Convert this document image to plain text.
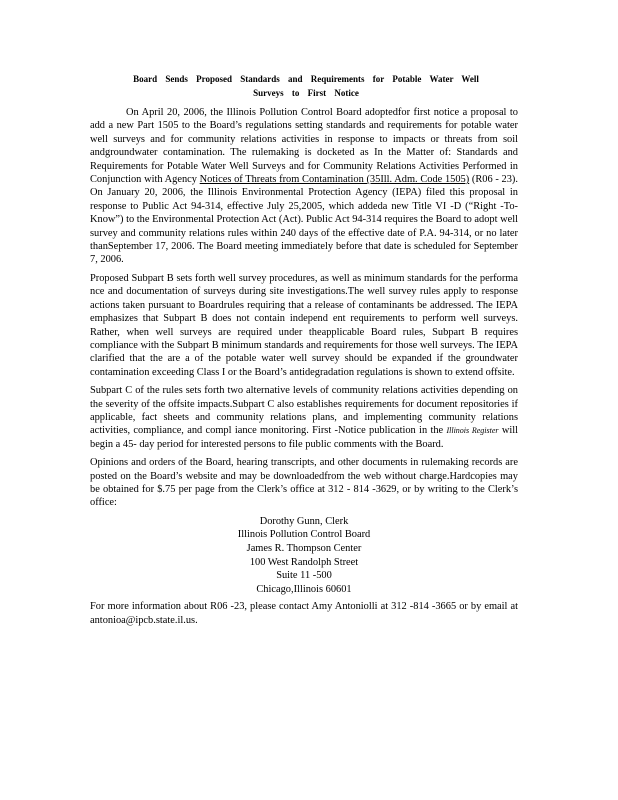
Board Sends Proposed Standards and Requirements for Potable Water Well
Surveys to First Notice

On April 20, 2006, the Illinois Pollution Control Board adoptedfor first notice a proposal to add a new Part 1505 to the Board’s regulations setting standards and requirements for potable water well surveys and for community relations activities in response to impacts or threats from soil andgroundwater contamination. The rulemaking is docketed as In the Matter of: Standards and Requirements for Potable Water Well Surveys and for Community Relations Activities Performed in Conjunction with Agency Notices of Threats from Contamination (35Ill. Adm. Code 1505) (R06 - 23). On January 20, 2006, the Illinois Environmental Protection Agency (IEPA) filed this proposal in response to Public Act 94-314, effective July 25,2005, which addeda new Title VI -D (“Right -To-Know”) to the Environmental Protection Act (Act). Public Act 94-314 requires the Board to adopt well survey and community relations rules within 240 days of the effective date of P.A. 94-314, or no later thanSeptember 17, 2006. The Board meeting immediately before that date is scheduled for September 7, 2006.

Proposed Subpart B sets forth well survey procedures, as well as minimum standards for the performa nce and documentation of surveys during site investigations.The well survey rules apply to response actions taken pursuant to Boardrules requiring that a release of contaminants be addressed. The IEPA emphasizes that Subpart B does not contain independ ent requirements to perform well surveys. Rather, when well surveys are required under theapplicable Board rules, Subpart B requires compliance with the Subpart B minimum standards and requirements for those well surveys. The IEPA clarified that the are a of the potable water well survey should be expanded if the groundwater contamination exceeding Class I or the Board’s antidegradation regulations is shown to extend offsite.

Subpart C of the rules sets forth two alternative levels of community relations activities depending on the severity of the offsite impacts.Subpart C also establishes requirements for document repositories if applicable, fact sheets and community relations plans, and implementing community relations activities, compliance, and compl iance monitoring. First -Notice publication in the Illinois Register will begin a 45- day period for interested persons to file public comments with the Board.

Opinions and orders of the Board, hearing transcripts, and other documents in rulemaking records are posted on the Board’s website and may be downloadedfrom the web without charge.Hardcopies may be obtained for $.75 per page from the Clerk’s office at 312 - 814 -3629, or by writing to the Clerk’s office:

Dorothy Gunn, Clerk
Illinois Pollution Control Board
James R. Thompson Center
100 West Randolph Street
Suite 11 -500
Chicago,Illinois 60601

For more information about R06 -23, please contact Amy Antoniolli at 312 -814 -3665 or by email at antonioa@ipcb.state.il.us.
